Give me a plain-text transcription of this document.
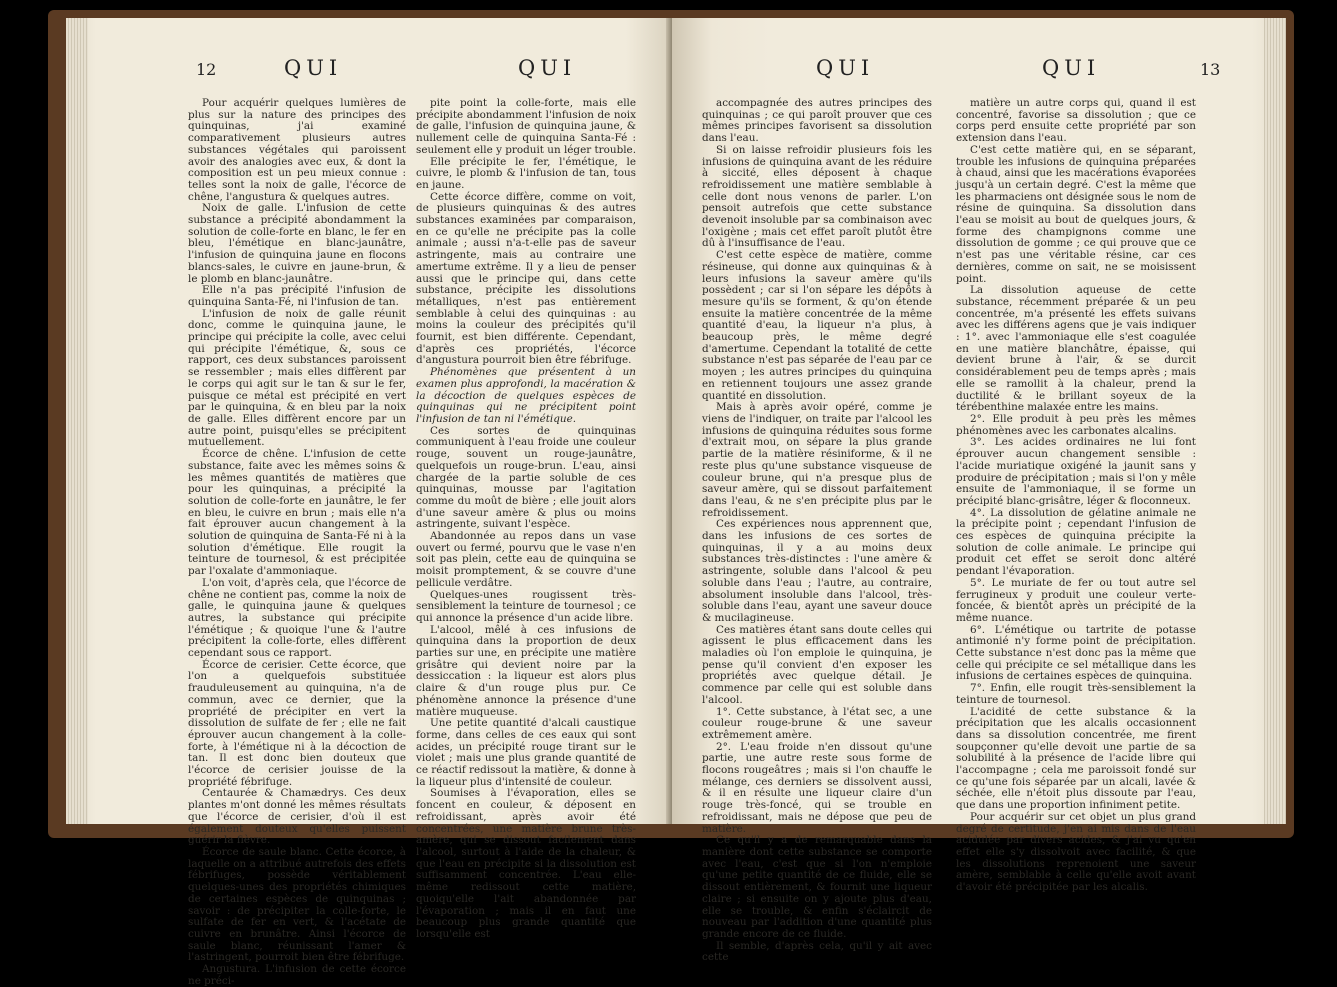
12	QUI	QUI

Pour acquérir quelques lumières de plus sur la nature des principes des quinquinas, j'ai examiné comparativement plusieurs autres substances végétales qui paroissent avoir des analogies avec eux, & dont la composition est un peu mieux connue : telles sont la noix de galle, l'écorce de chêne, l'angustura & quelques autres.

Noix de galle. L'infusion de cette substance a précipité abondamment la solution de colle-forte en blanc, le fer en bleu, l'émétique en blanc-jaunâtre, l'infusion de quinquina jaune en flocons blancs-sales, le cuivre en jaune-brun, & le plomb en blanc-jaunâtre.

Elle n'a pas précipité l'infusion de quinquina Santa-Fé, ni l'infusion de tan.

L'infusion de noix de galle réunit donc, comme le quinquina jaune, le principe qui précipite la colle, avec celui qui précipite l'émétique, &, sous ce rapport, ces deux substances paroissent se ressembler ; mais elles diffèrent par le corps qui agit sur le tan & sur le fer, puisque ce métal est précipité en vert par le quinquina, & en bleu par la noix de galle. Elles diffèrent encore par un autre point, puisqu'elles se précipitent mutuellement.

Écorce de chêne. L'infusion de cette substance, faite avec les mêmes soins & les mêmes quantités de matières que pour les quinquinas, a précipité la solution de colle-forte en jaunâtre, le fer en bleu, le cuivre en brun ; mais elle n'a fait éprouver aucun changement à la solution de quinquina de Santa-Fé ni à la solution d'émétique. Elle rougit la teinture de tournesol, & est précipitée par l'oxalate d'ammoniaque.

L'on voit, d'après cela, que l'écorce de chêne ne contient pas, comme la noix de galle, le quinquina jaune & quelques autres, la substance qui précipite l'émétique ; & quoique l'une & l'autre précipitent la colle-forte, elles diffèrent cependant sous ce rapport.

Écorce de cerisier. Cette écorce, que l'on a quelquefois substituée frauduleusement au quinquina, n'a de commun, avec ce dernier, que la propriété de précipiter en vert la dissolution de sulfate de fer ; elle ne fait éprouver aucun changement à la colle-forte, à l'émétique ni à la décoction de tan. Il est donc bien douteux que l'écorce de cerisier jouisse de la propriété fébrifuge.

Centaurée & Chamædrys. Ces deux plantes m'ont donné les mêmes résultats que l'écorce de cerisier, d'où il est également douteux qu'elles puissent guérir la fièvre.

Écorce de saule blanc. Cette écorce, à laquelle on a attribué autrefois des effets fébrifuges, possède véritablement quelques-unes des propriétés chimiques de certaines espèces de quinquinas ; savoir : de précipiter la colle-forte, le sulfate de fer en vert, & l'acétate de cuivre en brunâtre. Ainsi l'écorce de saule blanc, réunissant l'amer & l'astringent, pourroit bien être fébrifuge.

Angustura. L'infusion de cette écorce ne préci-

pite point la colle-forte, mais elle précipite abondamment l'infusion de noix de galle, l'infusion de quinquina jaune, & nullement celle de quinquina Santa-Fé : seulement elle y produit un léger trouble.

Elle précipite le fer, l'émétique, le cuivre, le plomb & l'infusion de tan, tous en jaune.

Cette écorce diffère, comme on voit, de plusieurs quinquinas & des autres substances examinées par comparaison, en ce qu'elle ne précipite pas la colle animale ; aussi n'a-t-elle pas de saveur astringente, mais au contraire une amertume extrême. Il y a lieu de penser aussi que le principe qui, dans cette substance, précipite les dissolutions métalliques, n'est pas entièrement semblable à celui des quinquinas : au moins la couleur des précipités qu'il fournit, est bien différente. Cependant, d'après ces propriétés, l'écorce d'angustura pourroit bien être fébrifuge.

Phénomènes que présentent à un examen plus approfondi, la macération & la décoction de quelques espèces de quinquinas qui ne précipitent point l'infusion de tan ni l'émétique.

Ces sortes de quinquinas communiquent à l'eau froide une couleur rouge, souvent un rouge-jaunâtre, quelquefois un rouge-brun. L'eau, ainsi chargée de la partie soluble de ces quinquinas, mousse par l'agitation comme du moût de bière ; elle jouit alors d'une saveur amère & plus ou moins astringente, suivant l'espèce.

Abandonnée au repos dans un vase ouvert ou fermé, pourvu que le vase n'en soit pas plein, cette eau de quinquina se moisit promptement, & se couvre d'une pellicule verdâtre.

Quelques-unes rougissent très-sensiblement la teinture de tournesol ; ce qui annonce la présence d'un acide libre.

L'alcool, mêlé à ces infusions de quinquina dans la proportion de deux parties sur une, en précipite une matière grisâtre qui devient noire par la dessiccation : la liqueur est alors plus claire & d'un rouge plus pur. Ce phénomène annonce la présence d'une matière muqueuse.

Une petite quantité d'alcali caustique forme, dans celles de ces eaux qui sont acides, un précipité rouge tirant sur le violet ; mais une plus grande quantité de ce réactif redissout la matière, & donne à la liqueur plus d'intensité de couleur.

Soumises à l'évaporation, elles se foncent en couleur, & déposent en refroidissant, après avoir été concentrées, une matière brune très-amère, qui se dissout facilement dans l'alcool, surtout à l'aide de la chaleur, & que l'eau en précipite si la dissolution est suffisamment concentrée. L'eau elle-même redissout cette matière, quoiqu'elle l'ait abandonnée par l'évaporation ; mais il en faut une beaucoup plus grande quantité que lorsqu'elle est

QUI	QUI	13

accompagnée des autres principes des quinquinas ; ce qui paroît prouver que ces mêmes principes favorisent sa dissolution dans l'eau.

Si on laisse refroidir plusieurs fois les infusions de quinquina avant de les réduire à siccité, elles déposent à chaque refroidissement une matière semblable à celle dont nous venons de parler. L'on pensoit autrefois que cette substance devenoit insoluble par sa combinaison avec l'oxigène ; mais cet effet paroît plutôt être dû à l'insuffisance de l'eau.

C'est cette espèce de matière, comme résineuse, qui donne aux quinquinas & à leurs infusions la saveur amère qu'ils possèdent ; car si l'on sépare les dépôts à mesure qu'ils se forment, & qu'on étende ensuite la matière concentrée de la même quantité d'eau, la liqueur n'a plus, à beaucoup près, le même degré d'amertume. Cependant la totalité de cette substance n'est pas séparée de l'eau par ce moyen ; les autres principes du quinquina en retiennent toujours une assez grande quantité en dissolution.

Mais à après avoir opéré, comme je viens de l'indiquer, on traite par l'alcool les infusions de quinquina réduites sous forme d'extrait mou, on sépare la plus grande partie de la matière résiniforme, & il ne reste plus qu'une substance visqueuse de couleur brune, qui n'a presque plus de saveur amère, qui se dissout parfaitement dans l'eau, & ne s'en précipite plus par le refroidissement.

Ces expériences nous apprennent que, dans les infusions de ces sortes de quinquinas, il y a au moins deux substances très-distinctes : l'une amère & astringente, soluble dans l'alcool & peu soluble dans l'eau ; l'autre, au contraire, absolument insoluble dans l'alcool, très-soluble dans l'eau, ayant une saveur douce & mucilagineuse.

Ces matières étant sans doute celles qui agissent le plus efficacement dans les maladies où l'on emploie le quinquina, je pense qu'il convient d'en exposer les propriétés avec quelque détail. Je commence par celle qui est soluble dans l'alcool.

1°. Cette substance, à l'état sec, a une couleur rouge-brune & une saveur extrêmement amère.

2°. L'eau froide n'en dissout qu'une partie, une autre reste sous forme de flocons rougeâtres ; mais si l'on chauffe le mélange, ces derniers se dissolvent aussi, & il en résulte une liqueur claire d'un rouge très-foncé, qui se trouble en refroidissant, mais ne dépose que peu de matière.

Ce qu'il y a de remarquable dans la manière dont cette substance se comporte avec l'eau, c'est que si l'on n'emploie qu'une petite quantité de ce fluide, elle se dissout entièrement, & fournit une liqueur claire ; si ensuite on y ajoute plus d'eau, elle se trouble, & enfin s'éclaircit de nouveau par l'addition d'une quantité plus grande encore de ce fluide.

Il semble, d'après cela, qu'il y ait avec cette

matière un autre corps qui, quand il est concentré, favorise sa dissolution ; que ce corps perd ensuite cette propriété par son extension dans l'eau.

C'est cette matière qui, en se séparant, trouble les infusions de quinquina préparées à chaud, ainsi que les macérations évaporées jusqu'à un certain degré. C'est la même que les pharmaciens ont désignée sous le nom de résine de quinquina. Sa dissolution dans l'eau se moisit au bout de quelques jours, & forme des champignons comme une dissolution de gomme ; ce qui prouve que ce n'est pas une véritable résine, car ces dernières, comme on sait, ne se moisissent point.

La dissolution aqueuse de cette substance, récemment préparée & un peu concentrée, m'a présenté les effets suivans avec les différens agens que je vais indiquer : 1°. avec l'ammoniaque elle s'est coagulée en une matière blanchâtre, épaisse, qui devient brune à l'air, & se durcit considérablement peu de temps après ; mais elle se ramollit à la chaleur, prend la ductilité & le brillant soyeux de la térébenthine malaxée entre les mains.

2°. Elle produit à peu près les mêmes phénomènes avec les carbonates alcalins.

3°. Les acides ordinaires ne lui font éprouver aucun changement sensible : l'acide muriatique oxigéné la jaunit sans y produire de précipitation ; mais si l'on y mêle ensuite de l'ammoniaque, il se forme un précipité blanc-grisâtre, léger & floconneux.

4°. La dissolution de gélatine animale ne la précipite point ; cependant l'infusion de ces espèces de quinquina précipite la solution de colle animale. Le principe qui produit cet effet se seroit donc altéré pendant l'évaporation.

5°. Le muriate de fer ou tout autre sel ferrugineux y produit une couleur verte-foncée, & bientôt après un précipité de la même nuance.

6°. L'émétique ou tartrite de potasse antimonié n'y forme point de précipitation. Cette substance n'est donc pas la même que celle qui précipite ce sel métallique dans les infusions de certaines espèces de quinquina.

7°. Enfin, elle rougit très-sensiblement la teinture de tournesol.

L'acidité de cette substance & la précipitation que les alcalis occasionnent dans sa dissolution concentrée, me firent soupçonner qu'elle devoit une partie de sa solubilité à la présence de l'acide libre qui l'accompagne ; cela me paroissoit fondé sur ce qu'une fois séparée par un alcali, lavée & séchée, elle n'étoit plus dissoute par l'eau, que dans une proportion infiniment petite.

Pour acquérir sur cet objet un plus grand degré de certitude, j'en ai mis dans de l'eau acidulée par divers acides, & j'ai vu qu'en effet elle s'y dissolvoit avec facilité, & que les dissolutions reprenoient une saveur amère, semblable à celle qu'elle avoit avant d'avoir été précipitée par les alcalis.
